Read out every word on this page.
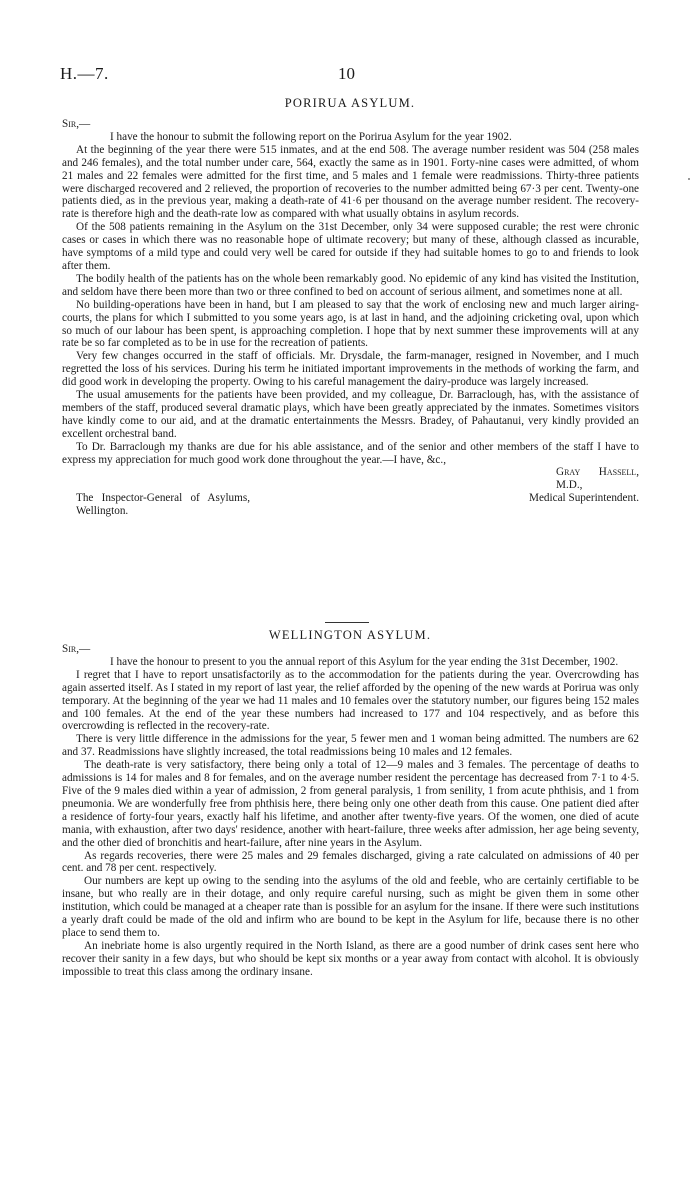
H.—7.	10
PORIRUA ASYLUM.

Sir,—

I have the honour to submit the following report on the Porirua Asylum for the year 1902.

At the beginning of the year there were 515 inmates, and at the end 508. The average number resident was 504 (258 males and 246 females), and the total number under care, 564, exactly the same as in 1901. Forty-nine cases were admitted, of whom 21 males and 22 females were admitted for the first time, and 5 males and 1 female were readmissions. Thirty-three patients were discharged recovered and 2 relieved, the proportion of recoveries to the number admitted being 67·3 per cent. Twenty-one patients died, as in the previous year, making a death-rate of 41·6 per thousand on the average number resident. The recovery-rate is therefore high and the death-rate low as compared with what usually obtains in asylum records.

Of the 508 patients remaining in the Asylum on the 31st December, only 34 were supposed curable; the rest were chronic cases or cases in which there was no reasonable hope of ultimate recovery; but many of these, although classed as incurable, have symptoms of a mild type and could very well be cared for outside if they had suitable homes to go to and friends to look after them.

The bodily health of the patients has on the whole been remarkably good. No epidemic of any kind has visited the Institution, and seldom have there been more than two or three confined to bed on account of serious ailment, and sometimes none at all.

No building-operations have been in hand, but I am pleased to say that the work of enclosing new and much larger airing-courts, the plans for which I submitted to you some years ago, is at last in hand, and the adjoining cricketing oval, upon which so much of our labour has been spent, is approaching completion. I hope that by next summer these improvements will at any rate be so far completed as to be in use for the recreation of patients.

Very few changes occurred in the staff of officials. Mr. Drysdale, the farm-manager, resigned in November, and I much regretted the loss of his services. During his term he initiated important improvements in the methods of working the farm, and did good work in developing the property. Owing to his careful management the dairy-produce was largely increased.

The usual amusements for the patients have been provided, and my colleague, Dr. Barraclough, has, with the assistance of members of the staff, produced several dramatic plays, which have been greatly appreciated by the inmates. Sometimes visitors have kindly come to our aid, and at the dramatic entertainments the Messrs. Bradey, of Pahautanui, very kindly provided an excellent orchestral band.

To Dr. Barraclough my thanks are due for his able assistance, and of the senior and other members of the staff I have to express my appreciation for much good work done throughout the year.—I have, &c.,

	Gray Hassell, M.D.,
The Inspector-General of Asylums, Wellington.	Medical Superintendent.
WELLINGTON ASYLUM.

Sir,—

I have the honour to present to you the annual report of this Asylum for the year ending the 31st December, 1902.

I regret that I have to report unsatisfactorily as to the accommodation for the patients during the year. Overcrowding has again asserted itself. As I stated in my report of last year, the relief afforded by the opening of the new wards at Porirua was only temporary. At the beginning of the year we had 11 males and 10 females over the statutory number, our figures being 152 males and 100 females. At the end of the year these numbers had increased to 177 and 104 respectively, and as before this overcrowding is reflected in the recovery-rate.

There is very little difference in the admissions for the year, 5 fewer men and 1 woman being admitted. The numbers are 62 and 37. Readmissions have slightly increased, the total readmissions being 10 males and 12 females.

The death-rate is very satisfactory, there being only a total of 12—9 males and 3 females. The percentage of deaths to admissions is 14 for males and 8 for females, and on the average number resident the percentage has decreased from 7·1 to 4·5. Five of the 9 males died within a year of admission, 2 from general paralysis, 1 from senility, 1 from acute phthisis, and 1 from pneumonia. We are wonderfully free from phthisis here, there being only one other death from this cause. One patient died after a residence of forty-four years, exactly half his lifetime, and another after twenty-five years. Of the women, one died of acute mania, with exhaustion, after two days' residence, another with heart-failure, three weeks after admission, her age being seventy, and the other died of bronchitis and heart-failure, after nine years in the Asylum.

As regards recoveries, there were 25 males and 29 females discharged, giving a rate calculated on admissions of 40 per cent. and 78 per cent. respectively.

Our numbers are kept up owing to the sending into the asylums of the old and feeble, who are certainly certifiable to be insane, but who really are in their dotage, and only require careful nursing, such as might be given them in some other institution, which could be managed at a cheaper rate than is possible for an asylum for the insane. If there were such institutions a yearly draft could be made of the old and infirm who are bound to be kept in the Asylum for life, because there is no other place to send them to.

An inebriate home is also urgently required in the North Island, as there are a good number of drink cases sent here who recover their sanity in a few days, but who should be kept six months or a year away from contact with alcohol. It is obviously impossible to treat this class among the ordinary insane.
